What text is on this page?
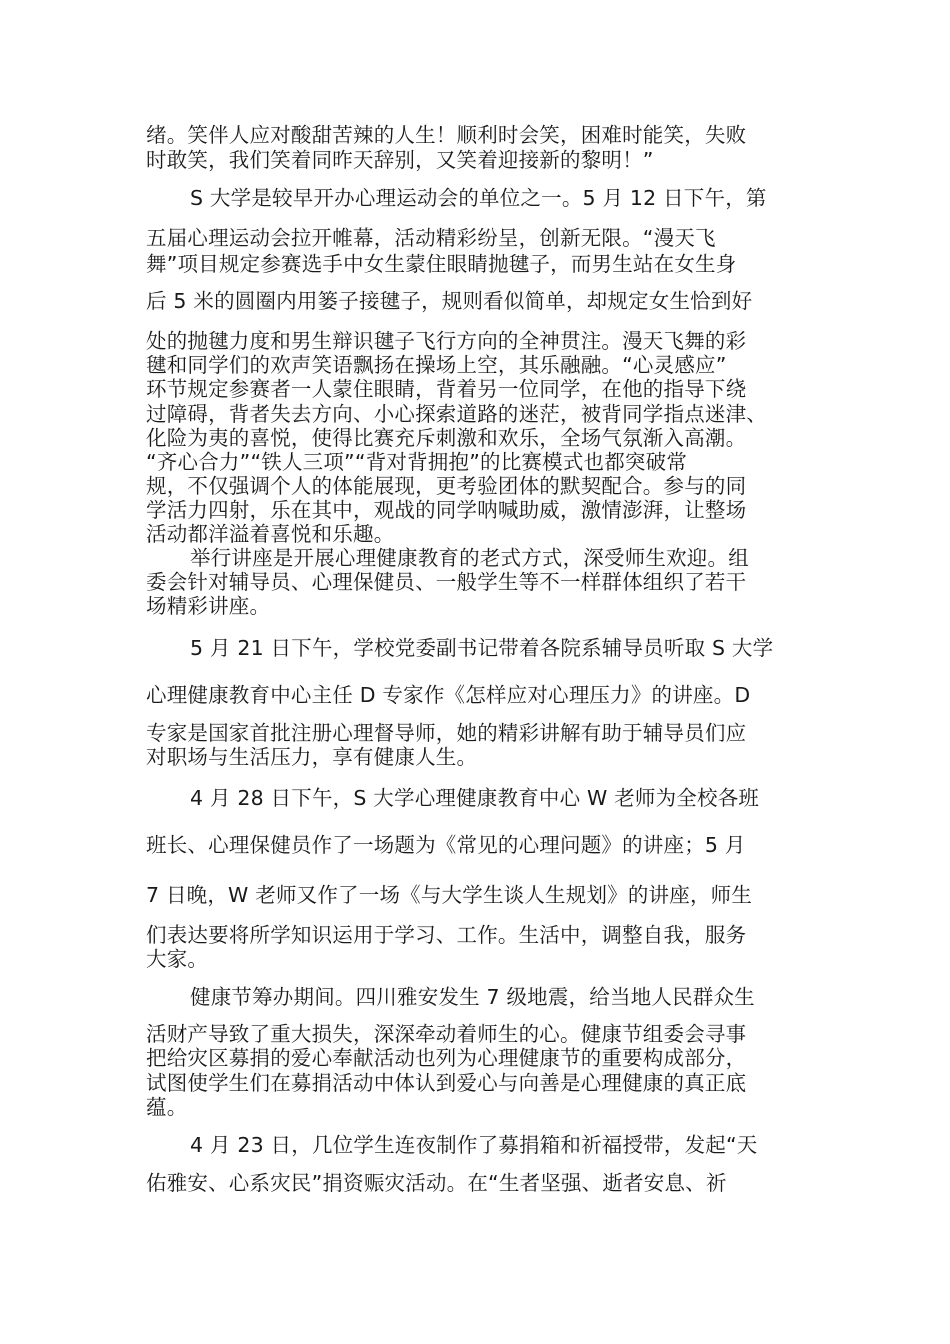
绪。笑伴人应对酸甜苦辣的人生！顺利时会笑，困难时能笑，失败
时敢笑，我们笑着同昨天辞别，又笑着迎接新的黎明！”
S 大学是较早开办心理运动会的单位之一。5 月 12 日下午，第
五届心理运动会拉开帷幕，活动精彩纷呈，创新无限。“漫天飞
舞”项目规定参赛选手中女生蒙住眼睛抛毽子，而男生站在女生身
后 5 米的圆圈内用篓子接毽子，规则看似简单，却规定女生恰到好
处的抛毽力度和男生辩识毽子飞行方向的全神贯注。漫天飞舞的彩
毽和同学们的欢声笑语飘扬在操场上空，其乐融融。“心灵感应”
环节规定参赛者一人蒙住眼睛，背着另一位同学，在他的指导下绕
过障碍，背者失去方向、小心探索道路的迷茫，被背同学指点迷津、
化险为夷的喜悦，使得比赛充斥刺激和欢乐，全场气氛渐入高潮。
“齐心合力”“铁人三项”“背对背拥抱”的比赛模式也都突破常
规，不仅强调个人的体能展现，更考验团体的默契配合。参与的同
学活力四射，乐在其中，观战的同学呐喊助威，激情澎湃，让整场
活动都洋溢着喜悦和乐趣。
举行讲座是开展心理健康教育的老式方式，深受师生欢迎。组
委会针对辅导员、心理保健员、一般学生等不一样群体组织了若干
场精彩讲座。
5 月 21 日下午，学校党委副书记带着各院系辅导员听取 S 大学
心理健康教育中心主任 D 专家作《怎样应对心理压力》的讲座。D
专家是国家首批注册心理督导师，她的精彩讲解有助于辅导员们应
对职场与生活压力，享有健康人生。
4 月 28 日下午，S 大学心理健康教育中心 W 老师为全校各班
班长、心理保健员作了一场题为《常见的心理问题》的讲座；5 月
7 日晚，W 老师又作了一场《与大学生谈人生规划》的讲座，师生
们表达要将所学知识运用于学习、工作。生活中，调整自我，服务
大家。
健康节筹办期间。四川雅安发生 7 级地震，给当地人民群众生
活财产导致了重大损失，深深牵动着师生的心。健康节组委会寻事
把给灾区募捐的爱心奉献活动也列为心理健康节的重要构成部分，
试图使学生们在募捐活动中体认到爱心与向善是心理健康的真正底
蕴。
4 月 23 日，几位学生连夜制作了募捐箱和祈福授带，发起“天
佑雅安、心系灾民”捐资赈灾活动。在“生者坚强、逝者安息、祈
